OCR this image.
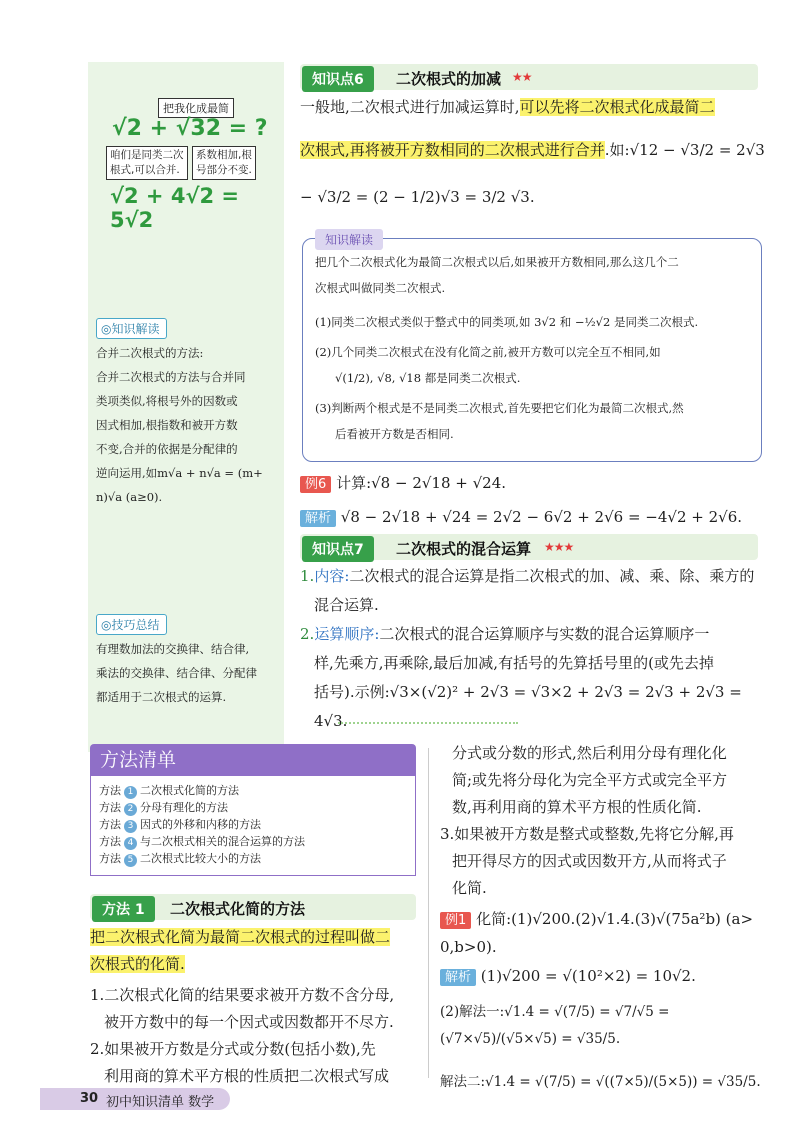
把我化成最简
√2 + √32 = ?
咱们是同类二次
根式,可以合并.
系数相加,根
号部分不变.
√2 + 4√2 = 5√2
◎知识解读
合并二次根式的方法:
合并二次根式的方法与合并同
类项类似,将根号外的因数或
因式相加,根指数和被开方数
不变,合并的依据是分配律的
逆向运用,如m√a + n√a = (m+
n)√a (a≥0).
◎技巧总结
有理数加法的交换律、结合律,
乘法的交换律、结合律、分配律
都适用于二次根式的运算.
知识点6	二次根式的加减 ★★
一般地,二次根式进行加减运算时,可以先将二次根式化成最简二
次根式,再将被开方数相同的二次根式进行合并.如:√12 − √3/2 = 2√3
− √3/2 = (2 − 1/2)√3 = 3/2 √3.
知识解读
把几个二次根式化为最简二次根式以后,如果被开方数相同,那么这几个二
次根式叫做同类二次根式.
(1)同类二次根式类似于整式中的同类项,如 3√2 和 −½√2 是同类二次根式.
(2)几个同类二次根式在没有化简之前,被开方数可以完全互不相同,如
√(1/2), √8, √18 都是同类二次根式.
(3)判断两个根式是不是同类二次根式,首先要把它们化为最简二次根式,然
后看被开方数是否相同.
例6 计算:√8 − 2√18 + √24.
解析 √8 − 2√18 + √24 = 2√2 − 6√2 + 2√6 = −4√2 + 2√6.
知识点7	二次根式的混合运算 ★★★
1.内容:二次根式的混合运算是指二次根式的加、减、乘、除、乘方的
混合运算.
2.运算顺序:二次根式的混合运算顺序与实数的混合运算顺序一
样,先乘方,再乘除,最后加减,有括号的先算括号里的(或先去掉
括号).示例:√3×(√2)² + 2√3 = √3×2 + 2√3 = 2√3 + 2√3 = 4√3.
方法清单
方法 1 二次根式化简的方法
方法 2 分母有理化的方法
方法 3 因式的外移和内移的方法
方法 4 与二次根式相关的混合运算的方法
方法 5 二次根式比较大小的方法
方法 1	二次根式化简的方法
把二次根式化简为最简二次根式的过程叫做二
次根式的化简.
1.二次根式化简的结果要求被开方数不含分母,
被开方数中的每一个因式或因数都开不尽方.
2.如果被开方数是分式或分数(包括小数),先
利用商的算术平方根的性质把二次根式写成
分式或分数的形式,然后利用分母有理化化
简;或先将分母化为完全平方式或完全平方
数,再利用商的算术平方根的性质化简.
3.如果被开方数是整式或整数,先将它分解,再
把开得尽方的因式或因数开方,从而将式子
化简.
例1 化简:(1)√200.(2)√1.4.(3)√(75a²b) (a>
0,b>0).
解析 (1)√200 = √(10²×2) = 10√2.
(2)解法一:√1.4 = √(7/5) = √7/√5 = (√7×√5)/(√5×√5) = √35/5.
解法二:√1.4 = √(7/5) = √((7×5)/(5×5)) = √35/5.
30 初中知识清单 数学
